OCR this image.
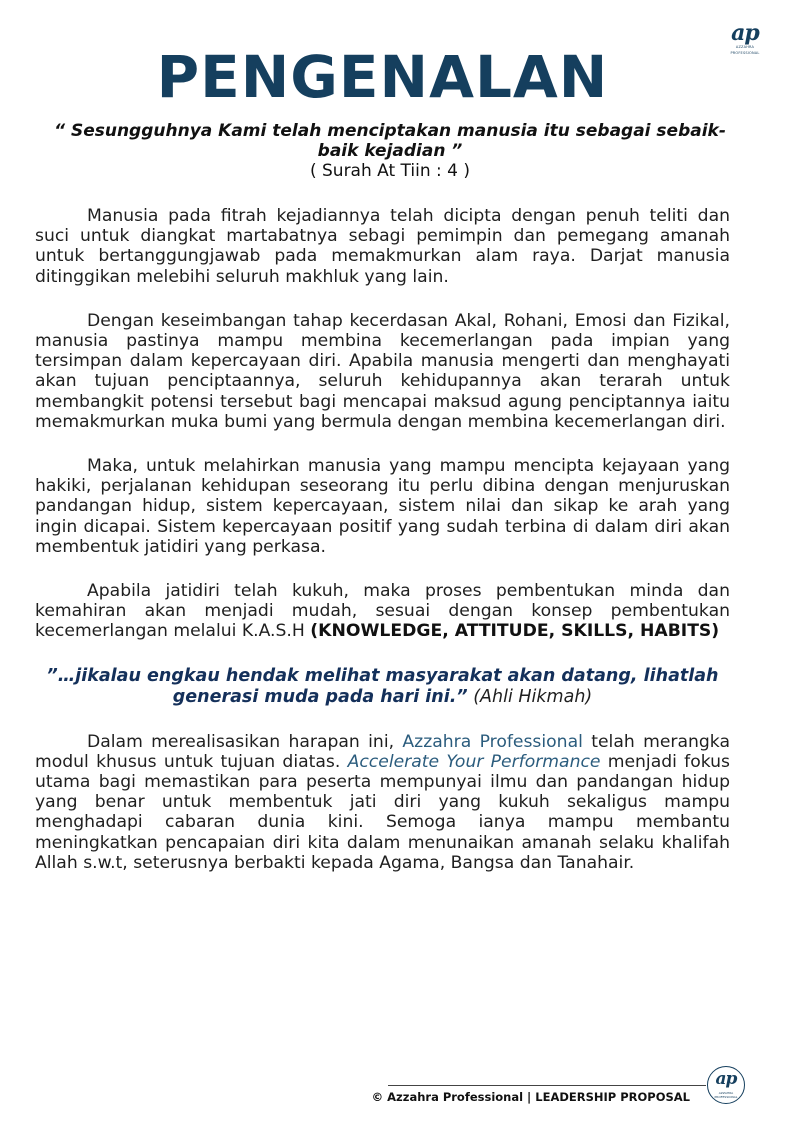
ap
AZZAHRA PROFESSIONAL
PENGENALAN
“ Sesungguhnya Kami telah menciptakan manusia itu sebagai sebaik- baik kejadian ”
( Surah At Tiin : 4 )

Manusia pada fitrah kejadiannya telah dicipta dengan penuh teliti dan suci untuk diangkat martabatnya sebagi pemimpin dan pemegang amanah untuk bertanggungjawab pada memakmurkan alam raya. Darjat manusia ditinggikan melebihi seluruh makhluk yang lain.

Dengan keseimbangan tahap kecerdasan Akal, Rohani, Emosi dan Fizikal, manusia pastinya mampu membina kecemerlangan pada impian yang tersimpan dalam kepercayaan diri. Apabila manusia mengerti dan menghayati akan tujuan penciptaannya, seluruh kehidupannya akan terarah untuk membangkit potensi tersebut bagi mencapai maksud agung penciptannya iaitu memakmurkan muka bumi yang bermula dengan membina kecemerlangan diri.

Maka, untuk melahirkan manusia yang mampu mencipta kejayaan yang hakiki, perjalanan kehidupan seseorang itu perlu dibina dengan menjuruskan pandangan hidup, sistem kepercayaan, sistem nilai dan sikap ke arah yang ingin dicapai. Sistem kepercayaan positif yang sudah terbina di dalam diri akan membentuk jatidiri yang perkasa.

Apabila jatidiri telah kukuh, maka proses pembentukan minda dan kemahiran akan menjadi mudah, sesuai dengan konsep pembentukan kecemerlangan melalui K.A.S.H (KNOWLEDGE, ATTITUDE, SKILLS, HABITS)

”…jikalau engkau hendak melihat masyarakat akan datang, lihatlah generasi muda pada hari ini.” (Ahli Hikmah)

Dalam merealisasikan harapan ini, Azzahra Professional telah merangka modul khusus untuk tujuan diatas. Accelerate Your Performance menjadi fokus utama bagi memastikan para peserta mempunyai ilmu dan pandangan hidup yang benar untuk membentuk jati diri yang kukuh sekaligus mampu menghadapi cabaran dunia kini. Semoga ianya mampu membantu meningkatkan pencapaian diri kita dalam menunaikan amanah selaku khalifah Allah s.w.t, seterusnya berbakti kepada Agama, Bangsa dan Tanahair.

© Azzahra Professional | LEADERSHIP PROPOSAL
ap
AZZAHRA PROFESSIONAL
